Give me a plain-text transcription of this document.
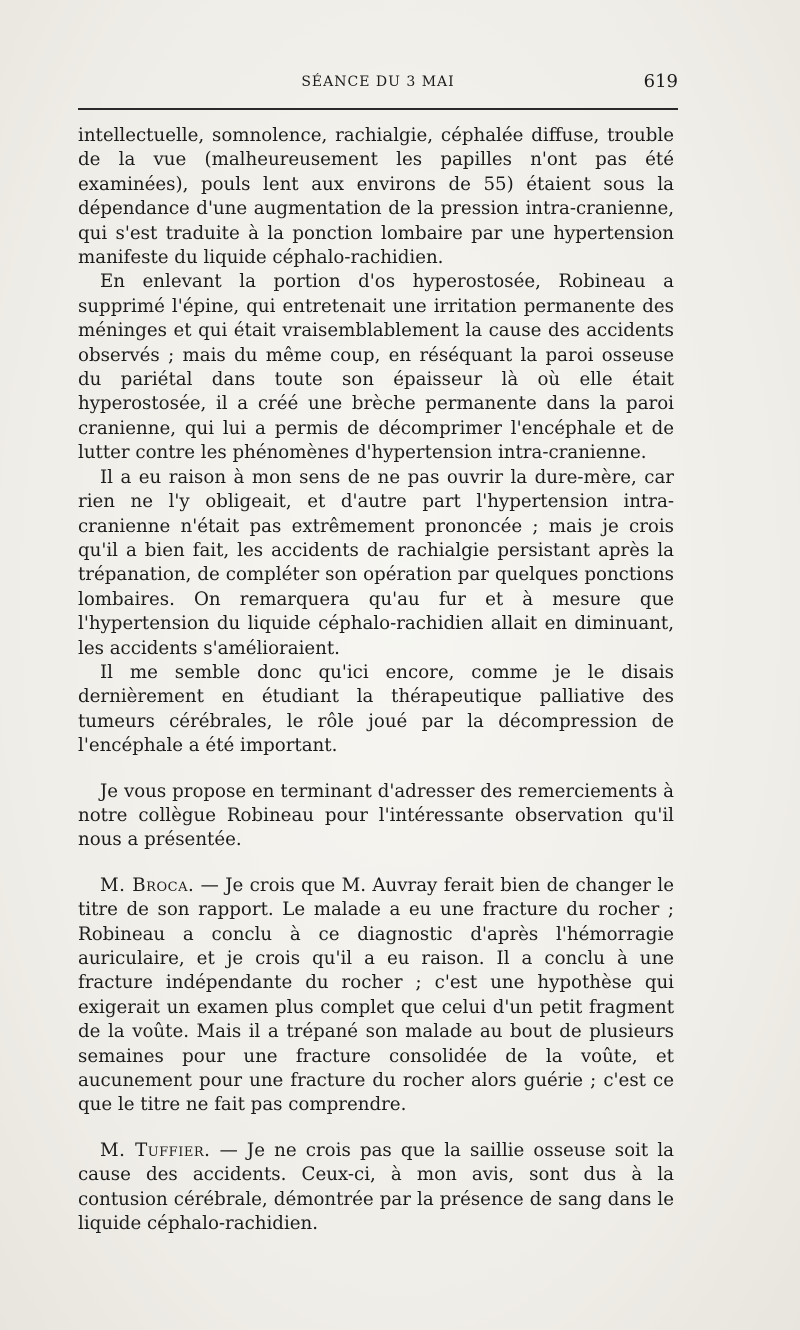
SÉANCE DU 3 MAI	619

intellectuelle, somnolence, rachialgie, céphalée diffuse, trouble de la vue (malheureusement les papilles n'ont pas été examinées), pouls lent aux environs de 55) étaient sous la dépendance d'une augmentation de la pression intra-cranienne, qui s'est traduite à la ponction lombaire par une hypertension manifeste du liquide céphalo-rachidien.

En enlevant la portion d'os hyperostosée, Robineau a supprimé l'épine, qui entretenait une irritation permanente des méninges et qui était vraisemblablement la cause des accidents observés ; mais du même coup, en réséquant la paroi osseuse du pariétal dans toute son épaisseur là où elle était hyperostosée, il a créé une brèche permanente dans la paroi cranienne, qui lui a permis de décomprimer l'encéphale et de lutter contre les phénomènes d'hypertension intra-cranienne.

Il a eu raison à mon sens de ne pas ouvrir la dure-mère, car rien ne l'y obligeait, et d'autre part l'hypertension intra-cranienne n'était pas extrêmement prononcée ; mais je crois qu'il a bien fait, les accidents de rachialgie persistant après la trépanation, de compléter son opération par quelques ponctions lombaires. On remarquera qu'au fur et à mesure que l'hypertension du liquide céphalo-rachidien allait en diminuant, les accidents s'amélioraient.

Il me semble donc qu'ici encore, comme je le disais dernièrement en étudiant la thérapeutique palliative des tumeurs cérébrales, le rôle joué par la décompression de l'encéphale a été important.

Je vous propose en terminant d'adresser des remerciements à notre collègue Robineau pour l'intéressante observation qu'il nous a présentée.

M. Broca. — Je crois que M. Auvray ferait bien de changer le titre de son rapport. Le malade a eu une fracture du rocher ; Robineau a conclu à ce diagnostic d'après l'hémorragie auriculaire, et je crois qu'il a eu raison. Il a conclu à une fracture indépendante du rocher ; c'est une hypothèse qui exigerait un examen plus complet que celui d'un petit fragment de la voûte. Mais il a trépané son malade au bout de plusieurs semaines pour une fracture consolidée de la voûte, et aucunement pour une fracture du rocher alors guérie ; c'est ce que le titre ne fait pas comprendre.

M. Tuffier. — Je ne crois pas que la saillie osseuse soit la cause des accidents. Ceux-ci, à mon avis, sont dus à la contusion cérébrale, démontrée par la présence de sang dans le liquide céphalo-rachidien.
